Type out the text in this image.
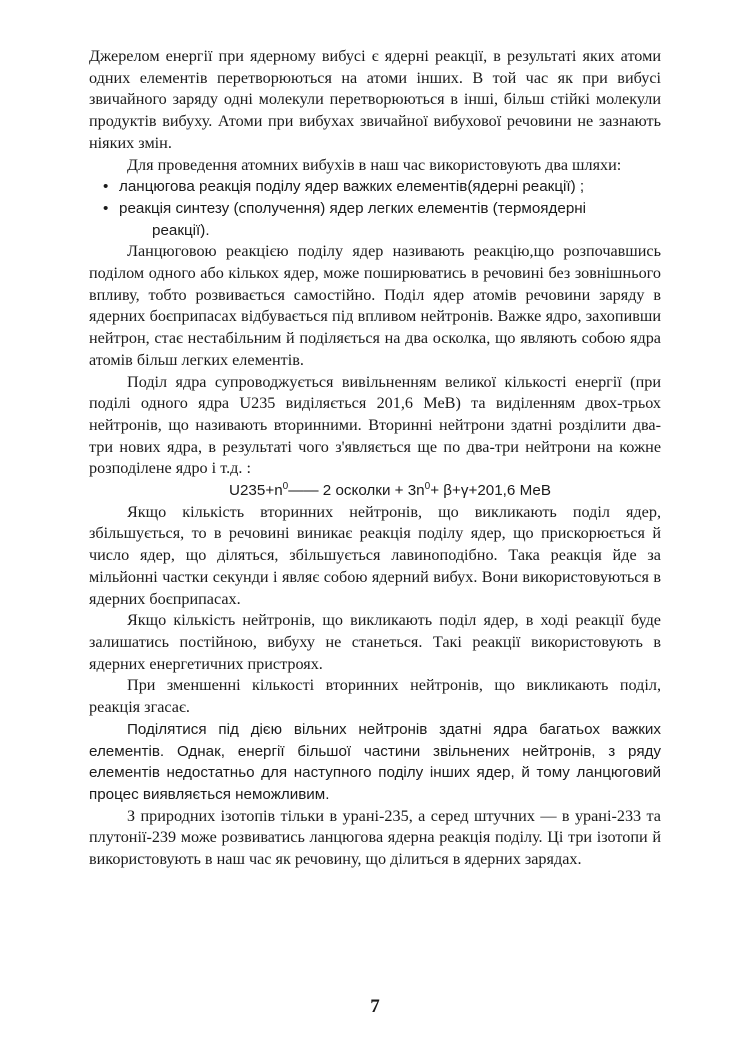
Джерелом енергії при ядерному вибусі є ядерні реакції, в результаті яких атоми одних елементів перетворюються на атоми інших. В той час як при вибусі звичайного заряду одні молекули перетворюються в інші, більш стійкі молекули продуктів вибуху. Атоми при вибухах звичайної вибухової речовини не зазнають ніяких змін.

Для проведення атомних вибухів в наш час використовують два шляхи:

• ланцюгова реакція поділу ядер важких елементів(ядерні реакції) ;
• реакція синтезу (сполучення) ядер легких елементів (термоядерні
реакції).

Ланцюговою реакцією поділу ядер називають реакцію,що розпочавшись поділом одного або кількох ядер, може поширюватись в речовині без зовнішнього впливу, тобто розвивається самостійно. Поділ ядер атомів речовини заряду в ядерних боєприпасах відбувається під впливом нейтронів. Важке ядро, захопивши нейтрон, стає нестабільним й поділяється на два осколка, що являють собою ядра атомів більш легких елементів.

Поділ ядра супроводжується вивільненням великої кількості енергії (при поділі одного ядра U235 виділяється 201,6 МеВ) та виділенням двох-трьох нейтронів, що називають вторинними. Вторинні нейтрони здатні розділити два-три нових ядра, в результаті чого з'являється ще по два-три нейтрони на кожне розподілене ядро і т.д. :

$U235+n^0——$ 2 осколки + $3n^0+ \beta+\gamma+201,6$ МеВ

Якщо кількість вторинних нейтронів, що викликають поділ ядер, збільшується, то в речовині виникає реакція поділу ядер, що прискорюється й число ядер, що діляться, збільшується лавиноподібно. Така реакція йде за мільйонні частки секунди і являє собою ядерний вибух. Вони використовуються в ядерних боєприпасах.

Якщо кількість нейтронів, що викликають поділ ядер, в ході реакції буде залишатись постійною, вибуху не станеться. Такі реакції використовують в ядерних енергетичних пристроях.

При зменшенні кількості вторинних нейтронів, що викликають поділ, реакція згасає.

Поділятися під дією вільних нейтронів здатні ядра багатьох важких елементів. Однак, енергії більшої частини звільнених нейтронів, з ряду елементів недостатньо для наступного поділу інших ядер, й тому ланцюговий процес виявляється неможливим.

З природних ізотопів тільки в урані-235, а серед штучних — в урані-233 та плутонії-239 може розвиватись ланцюгова ядерна реакція поділу. Ці три ізотопи й використовують в наш час як речовину, що ділиться в ядерних зарядах.

7
